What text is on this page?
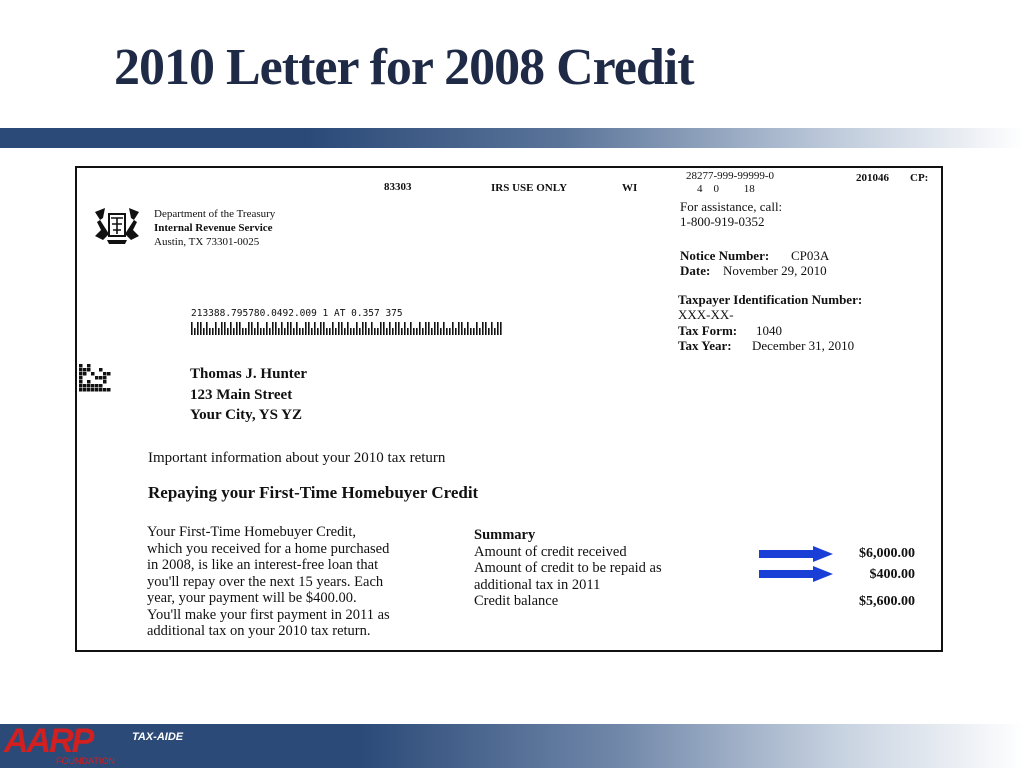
2010 Letter for 2008 Credit
83303	IRS USE ONLY	WI
28277-999-99999-0
4    0         18
201046 CP:
Department of the Treasury
Internal Revenue Service
Austin, TX 73301-0025
For assistance, call:
1-800-919-0352
Notice Number: CP03A
Date: November 29, 2010
Taxpayer Identification Number:
XXX-XX-
Tax Form: 1040
Tax Year: December 31, 2010
213388.795780.0492.009 1 AT 0.357 375
Thomas J. Hunter
123 Main Street
Your City, YS YZ
Important information about your 2010 tax return
Repaying your First-Time Homebuyer Credit
Your First-Time Homebuyer Credit,
which you received for a home purchased
in 2008, is like an interest-free loan that
you'll repay over the next 15 years. Each
year, your payment will be $400.00.
You'll make your first payment in 2011 as
additional tax on your 2010 tax return.
Summary
Amount of credit received
Amount of credit to be repaid as
additional tax in 2011
Credit balance
$6,000.00
$400.00
$5,600.00
AARP
FOUNDATION
TAX-AIDE
